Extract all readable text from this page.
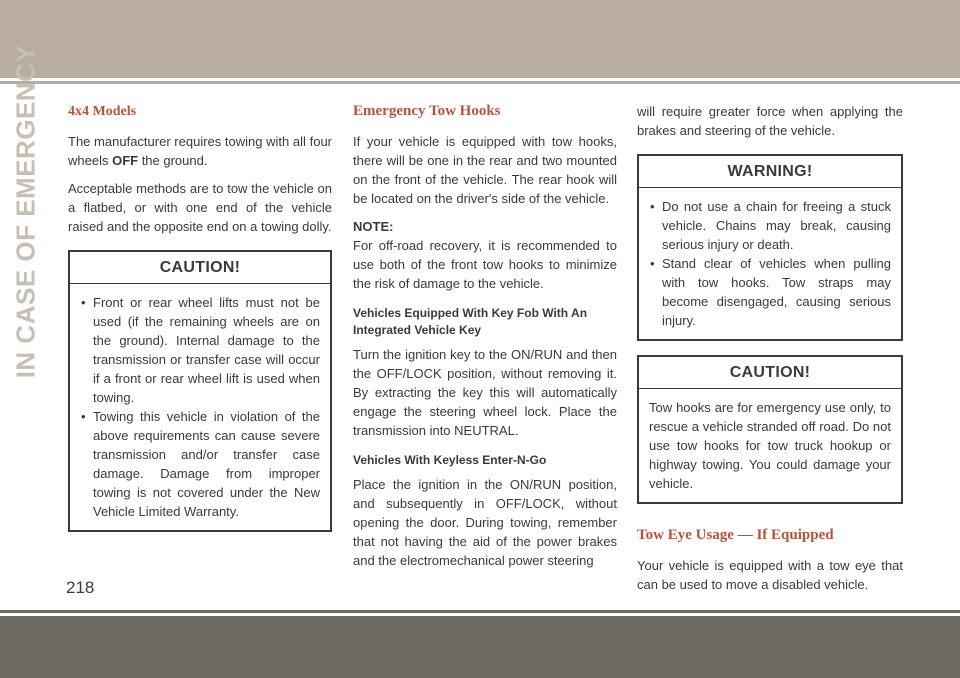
IN CASE OF EMERGENCY 4x4 Models

The manufacturer requires towing with all four wheels OFF the ground.

Acceptable methods are to tow the vehicle on a flatbed, or with one end of the vehicle raised and the opposite end on a towing dolly.

CAUTION!
• Front or rear wheel lifts must not be used (if the remaining wheels are on the ground). Internal damage to the transmission or transfer case will occur if a front or rear wheel lift is used when towing.
• Towing this vehicle in violation of the above requirements can cause severe transmission and/or transfer case damage. Damage from improper towing is not covered under the New Vehicle Limited Warranty.
Emergency Tow Hooks

If your vehicle is equipped with tow hooks, there will be one in the rear and two mounted on the front of the vehicle. The rear hook will be located on the driver's side of the vehicle.

NOTE:
For off-road recovery, it is recommended to use both of the front tow hooks to minimize the risk of damage to the vehicle.

Vehicles Equipped With Key Fob With An Integrated Vehicle Key

Turn the ignition key to the ON/RUN and then the OFF/LOCK position, without removing it. By extracting the key this will automatically engage the steering wheel lock. Place the transmission into NEUTRAL.

Vehicles With Keyless Enter-N-Go

Place the ignition in the ON/RUN position, and subsequently in OFF/LOCK, without opening the door. During towing, remember that not having the aid of the power brakes and the electromechanical power steering

will require greater force when applying the brakes and steering of the vehicle.

WARNING!
• Do not use a chain for freeing a stuck vehicle. Chains may break, causing serious injury or death.
• Stand clear of vehicles when pulling with tow hooks. Tow straps may become disengaged, causing serious injury.
CAUTION!

Tow hooks are for emergency use only, to rescue a vehicle stranded off road. Do not use tow hooks for tow truck hookup or highway towing. You could damage your vehicle.

Tow Eye Usage — If Equipped

Your vehicle is equipped with a tow eye that can be used to move a disabled vehicle.

218
